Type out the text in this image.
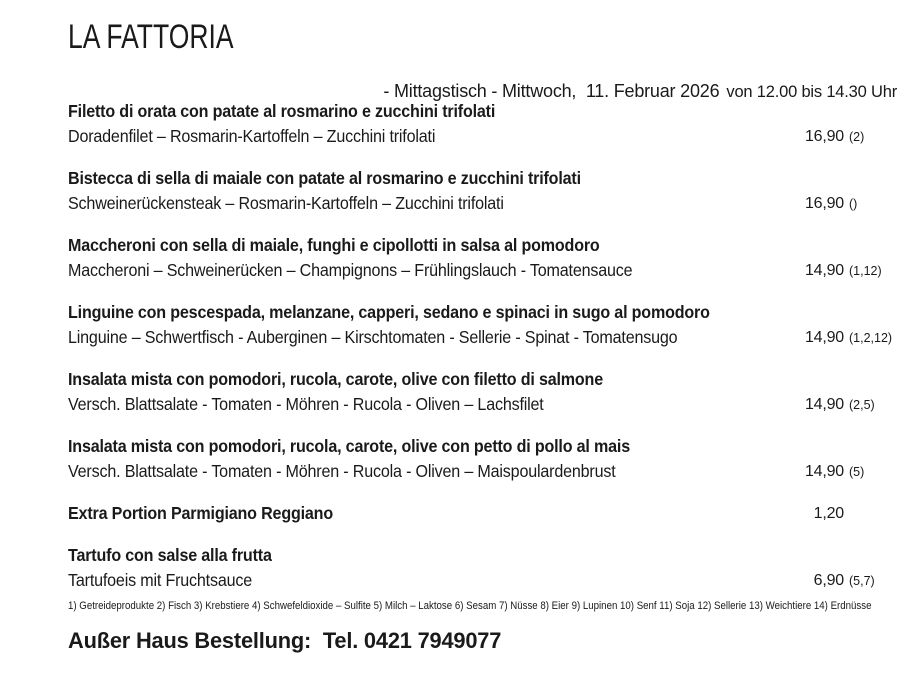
LA FATTORIA

- Mittagstisch - Mittwoch,  11. Februar 2026 von 12.00 bis 14.30 Uhr

Filetto di orata con patate al rosmarino e zucchini trifolati
Doradenfilet – Rosmarin-Kartoffeln – Zucchini trifolati	16,90 (2)
Bistecca di sella di maiale con patate al rosmarino e zucchini trifolati
Schweinerückensteak – Rosmarin-Kartoffeln – Zucchini trifolati	16,90 ()
Maccheroni con sella di maiale, funghi e cipollotti in salsa al pomodoro
Maccheroni – Schweinerücken – Champignons – Frühlingslauch - Tomatensauce	14,90 (1,12)
Linguine con pescespada, melanzane, capperi, sedano e spinaci in sugo al pomodoro
Linguine – Schwertfisch - Auberginen – Kirschtomaten - Sellerie - Spinat - Tomatensugo	14,90 (1,2,12)
Insalata mista con pomodori, rucola, carote, olive con filetto di salmone
Versch. Blattsalate - Tomaten - Möhren - Rucola - Oliven – Lachsfilet	14,90 (2,5)
Insalata mista con pomodori, rucola, carote, olive con petto di pollo al mais
Versch. Blattsalate - Tomaten - Möhren - Rucola - Oliven – Maispoulardenbrust	14,90 (5)
Extra Portion Parmigiano Reggiano	1,20
Tartufo con salse alla frutta
Tartufoeis mit Fruchtsauce	6,90 (5,7)
1) Getreideprodukte 2) Fisch 3) Krebstiere 4) Schwefeldioxide – Sulfite 5) Milch – Laktose 6) Sesam 7) Nüsse 8) Eier 9) Lupinen 10) Senf 11) Soja 12) Sellerie 13) Weichtiere 14) Erdnüsse
Außer Haus Bestellung:  Tel. 0421 7949077
